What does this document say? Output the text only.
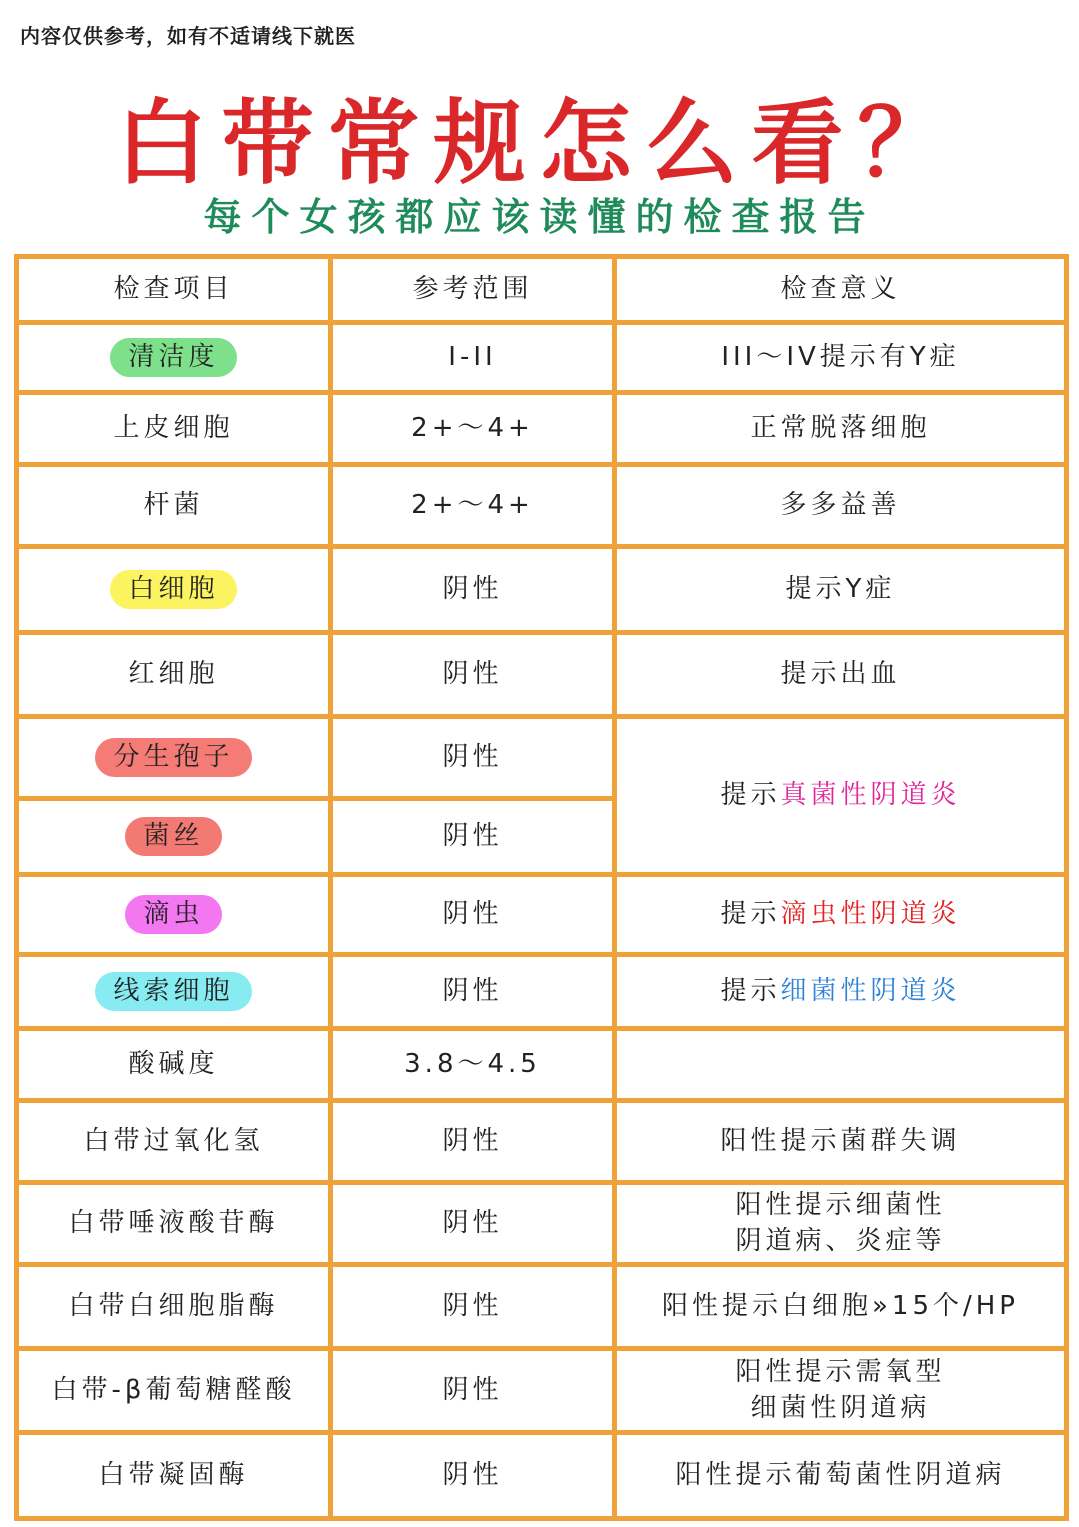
内容仅供参考，如有不适请线下就医
白带常规怎么看？
每个女孩都应该读懂的检查报告
检查项目	参考范围	检查意义
清洁度	I-II	III～IV提示有Y症
上皮细胞	2+～4+	正常脱落细胞
杆菌	2+～4+	多多益善
白细胞	阴性	提示Y症
红细胞	阴性	提示出血
分生孢子	阴性	提示真菌性阴道炎
菌丝	阴性	
滴虫	阴性	提示滴虫性阴道炎
线索细胞	阴性	提示细菌性阴道炎
酸碱度	3.8～4.5	
白带过氧化氢	阴性	阳性提示菌群失调
白带唾液酸苷酶	阴性	阳性提示细菌性
阴道病、炎症等

白带白细胞脂酶	阴性	阳性提示白细胞»15个/HP
白带-β葡萄糖醛酸	阴性	阳性提示需氧型
细菌性阴道病

白带凝固酶	阴性	阳性提示葡萄菌性阴道病
